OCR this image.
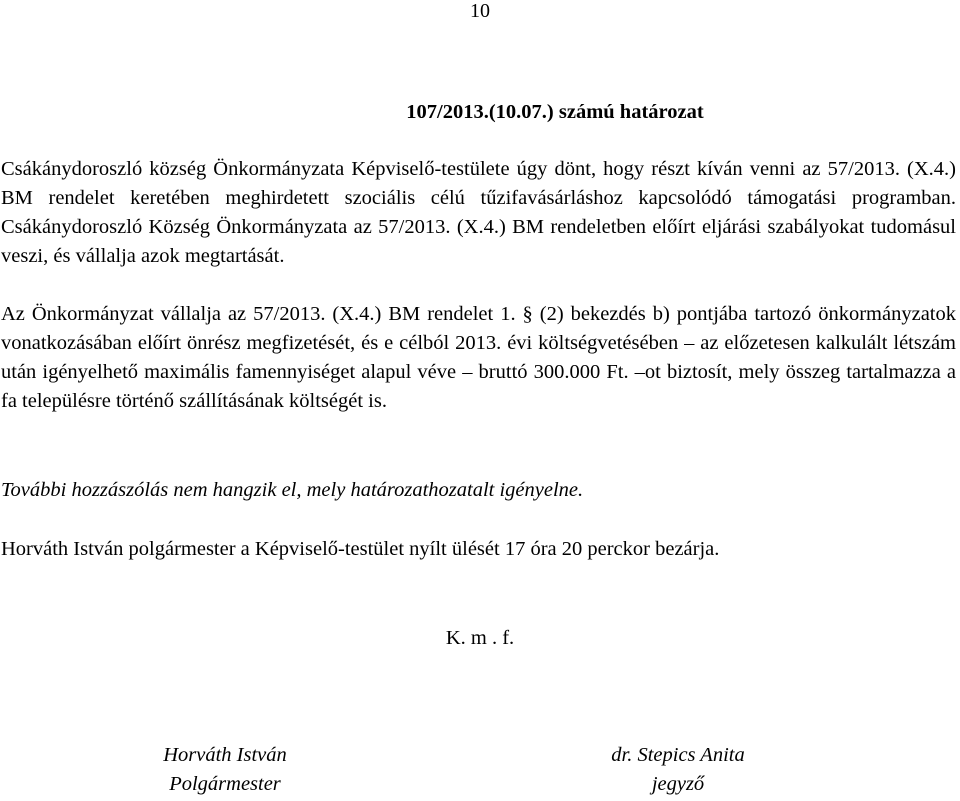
10
107/2013.(10.07.) számú határozat

Csákánydoroszló község Önkormányzata Képviselő-testülete úgy dönt, hogy részt kíván venni az 57/2013. (X.4.) BM rendelet keretében meghirdetett szociális célú tűzifavásárláshoz kapcsolódó támogatási programban. Csákánydoroszló Község Önkormányzata az 57/2013. (X.4.) BM rendeletben előírt eljárási szabályokat tudomásul veszi, és vállalja azok megtartását.

Az Önkormányzat vállalja az 57/2013. (X.4.) BM rendelet 1. § (2) bekezdés b) pontjába tartozó önkormányzatok vonatkozásában előírt önrész megfizetését, és e célból 2013. évi költségvetésében – az előzetesen kalkulált létszám után igényelhető maximális famennyiséget alapul véve – bruttó 300.000 Ft. –ot biztosít, mely összeg tartalmazza a fa településre történő szállításának költségét is.

További hozzászólás nem hangzik el, mely határozathozatalt igényelne.
Horváth István polgármester a Képviselő-testület nyílt ülését 17 óra 20 perckor bezárja.
K. m . f.
Horváth István
Polgármester
dr. Stepics Anita
jegyző
